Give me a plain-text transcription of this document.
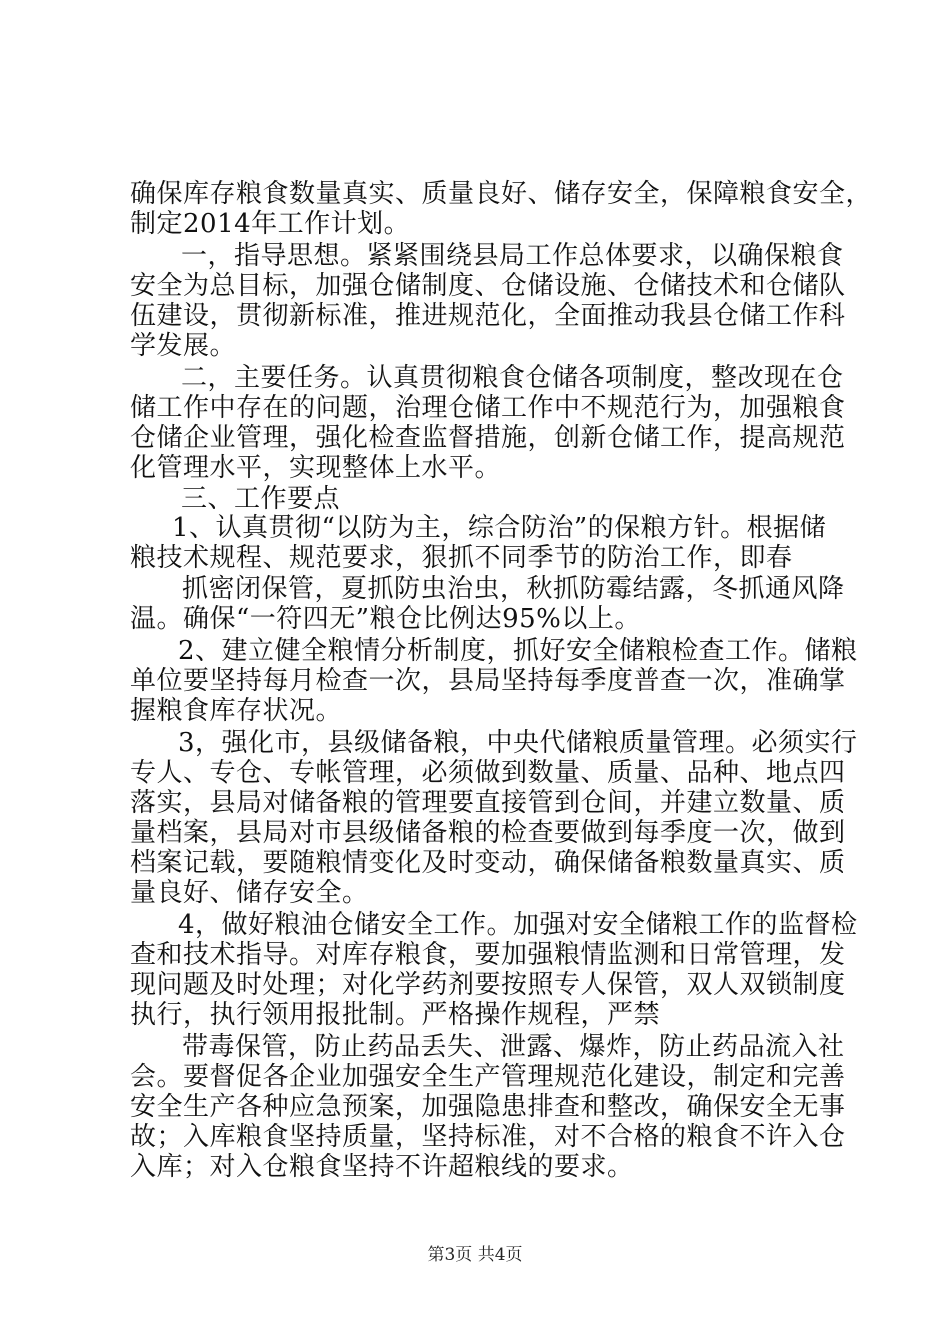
确保库存粮食数量真实、质量良好、储存安全，保障粮食安全，
制定2014年工作计划。
一，指导思想。紧紧围绕县局工作总体要求，以确保粮食
安全为总目标，加强仓储制度、仓储设施、仓储技术和仓储队
伍建设，贯彻新标准，推进规范化，全面推动我县仓储工作科
学发展。
二，主要任务。认真贯彻粮食仓储各项制度，整改现在仓
储工作中存在的问题，治理仓储工作中不规范行为，加强粮食
仓储企业管理，强化检查监督措施，创新仓储工作，提高规范
化管理水平，实现整体上水平。
三、工作要点
1、认真贯彻“以防为主，综合防治”的保粮方针。根据储
粮技术规程、规范要求，狠抓不同季节的防治工作，即春
抓密闭保管，夏抓防虫治虫，秋抓防霉结露，冬抓通风降
温。确保“一符四无”粮仓比例达95%以上。
2、建立健全粮情分析制度，抓好安全储粮检查工作。储粮
单位要坚持每月检查一次，县局坚持每季度普查一次，准确掌
握粮食库存状况。
3，强化市，县级储备粮，中央代储粮质量管理。必须实行
专人、专仓、专帐管理，必须做到数量、质量、品种、地点四
落实，县局对储备粮的管理要直接管到仓间，并建立数量、质
量档案，县局对市县级储备粮的检查要做到每季度一次，做到
档案记载，要随粮情变化及时变动，确保储备粮数量真实、质
量良好、储存安全。
4，做好粮油仓储安全工作。加强对安全储粮工作的监督检
查和技术指导。对库存粮食，要加强粮情监测和日常管理，发
现问题及时处理；对化学药剂要按照专人保管，双人双锁制度
执行，执行领用报批制。严格操作规程，严禁
带毒保管，防止药品丢失、泄露、爆炸，防止药品流入社
会。要督促各企业加强安全生产管理规范化建设，制定和完善
安全生产各种应急预案，加强隐患排查和整改，确保安全无事
故；入库粮食坚持质量，坚持标准，对不合格的粮食不许入仓
入库；对入仓粮食坚持不许超粮线的要求。
第3页 共4页
